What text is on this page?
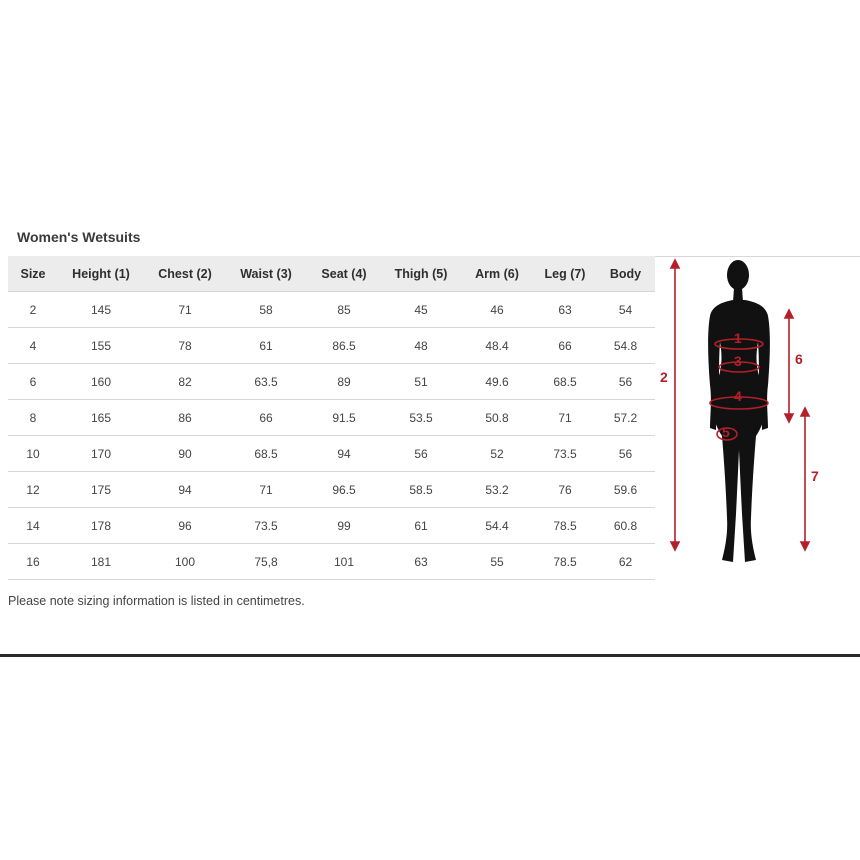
Women's Wetsuits
Size	Height (1)	Chest (2)	Waist (3)	Seat (4)	Thigh (5)	Arm (6)	Leg (7)	Body
2	145	71	58	85	45	46	63	54
4	155	78	61	86.5	48	48.4	66	54.8
6	160	82	63.5	89	51	49.6	68.5	56
8	165	86	66	91.5	53.5	50.8	71	57.2
10	170	90	68.5	94	56	52	73.5	56
12	175	94	71	96.5	58.5	53.2	76	59.6
14	178	96	73.5	99	61	54.4	78.5	60.8
16	181	100	75,8	101	63	55	78.5	62
Please note sizing information is listed in centimetres.
1
2
3
4
5
6
7
